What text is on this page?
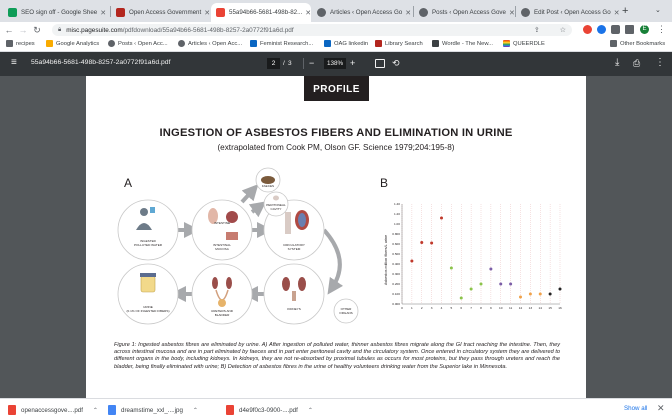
SEO sign off - Google Shee ✕	Open Access Government ✕	55a94b66-5681-498b-82... ✕	Articles ‹ Open Access Go ✕	Posts ‹ Open Access Gove ✕	Edit Post ‹ Open Access Go ✕ +	⌄
← → ↻	🔒︎ misc.pagesuite.com /pdfdownload/55a94b66-5681-498b-8257-2a0772f91a6d.pdf	⇪	☆	E ⋮
recipes	Google Analytics	Posts ‹ Open Acc...	Articles ‹ Open Acc...	Feminist Research...	OAG linkedin	Library Search	Wordle - The New...	QUEERDLE	Other Bookmarks
≡ 55a94b66-5681-498b-8257-2a0772f91a6d.pdf	2	/ 3 −	138% +	⟲	⤓ ⎙ ⋮
PROFILE
INGESTION OF ASBESTOS FIBERS AND ELIMINATION IN URINE
(extrapolated from Cook PM, Olson GF. Science 1979;204:195-8)
A	B
INGESTED
POLLUTED WATER
INTESTINE
INTESTINAL
MUCOSA
FAECES
PERITONEAL
CAVITY
CIRCULATORY
SYSTEM
KIDNEYS	OTHER
ORGANS
URETERS AND
BLADDER
URINE
(0.1% OF INGESTED FIBERS)
0.000
0.100
0.200
0.300
0.400
0.500
0.600
0.800
1.00
1.20
1.40
0	1	2	3	4	5	6	7	8	9 10 11 12 13 14 15 16
Asbestos million fibers/L urine
Figure 1: Ingested asbestos fibres are eliminated by urine. A) After ingestion of polluted water, thinner asbestos fibres migrate along the GI tract reaching the intestine. Then, they across intestinal mucosa and are in part eliminated by faeces and in part enter peritoneal cavity and the circulatory system. Once entered in circulatory system they are delivered to different organs in the body, including kidneys. In kidneys, they are not re-absorbed by proximal tubules as occurs for most proteins, but they pass through ureters and reach the bladder, being finally eliminated with urine; B) Detection of asbestos fibres in the urine of healthy volunteers drinking water from the Superior lake in Minnesota.
openaccessgove....pdf ⌃	dreamstime_xxl_....jpg ⌃	d4e9f0c3-0900-....pdf ⌃	Show all ✕
